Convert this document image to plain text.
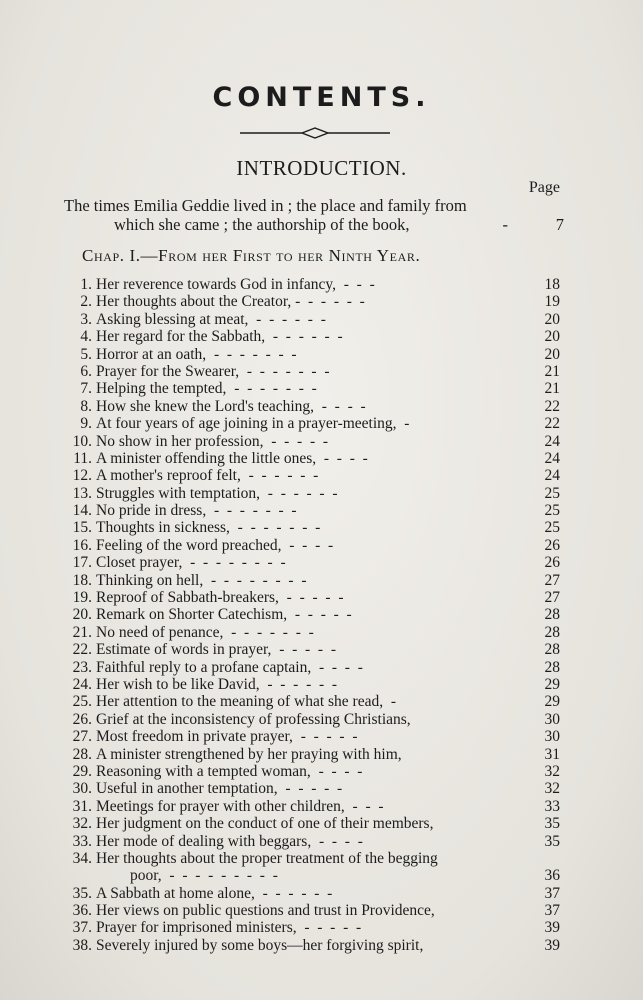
CONTENTS.
INTRODUCTION.
Page
The times Emilia Geddie lived in ; the place and family from
which she came ; the authorship of the book,	-	7
Chap. I.—From her First to her Ninth Year.
1. Her reverence towards God in infancy,  -  -  -	18
2. Her thoughts about the Creator, -  -  -  -  -  -	19
3. Asking blessing at meat,  -  -  -  -  -  -	20
4. Her regard for the Sabbath,  -  -  -  -  -  -	20
5. Horror at an oath,  -  -  -  -  -  -  -	20
6. Prayer for the Swearer,  -  -  -  -  -  -  -	21
7. Helping the tempted,  -  -  -  -  -  -  -	21
8. How she knew the Lord's teaching,  -  -  -  -	22
9. At four years of age joining in a prayer-meeting,  -	22
10. No show in her profession,  -  -  -  -  -	24
11. A minister offending the little ones,  -  -  -  -	24
12. A mother's reproof felt,  -  -  -  -  -  -	24
13. Struggles with temptation,  -  -  -  -  -  -	25
14. No pride in dress,  -  -  -  -  -  -  -	25
15. Thoughts in sickness,  -  -  -  -  -  -  -	25
16. Feeling of the word preached,  -  -  -  -	26
17. Closet prayer,  -  -  -  -  -  -  -  -	26
18. Thinking on hell,  -  -  -  -  -  -  -  -	27
19. Reproof of Sabbath-breakers,  -  -  -  -  -	27
20. Remark on Shorter Catechism,  -  -  -  -  -	28
21. No need of penance,  -  -  -  -  -  -  -	28
22. Estimate of words in prayer,  -  -  -  -  -	28
23. Faithful reply to a profane captain,  -  -  -  -	28
24. Her wish to be like David,  -  -  -  -  -  -	29
25. Her attention to the meaning of what she read,  -	29
26. Grief at the inconsistency of professing Christians,	30
27. Most freedom in private prayer,  -  -  -  -  -	30
28. A minister strengthened by her praying with him,	31
29. Reasoning with a tempted woman,  -  -  -  -	32
30. Useful in another temptation,  -  -  -  -  -	32
31. Meetings for prayer with other children,  -  -  -	33
32. Her judgment on the conduct of one of their members,	35
33. Her mode of dealing with beggars,  -  -  -  -	35
34. Her thoughts about the proper treatment of the begging
poor,  -  -  -  -  -  -  -  -  -	36
35. A Sabbath at home alone,  -  -  -  -  -  -	37
36. Her views on public questions and trust in Providence,	37
37. Prayer for imprisoned ministers,  -  -  -  -  -	39
38. Severely injured by some boys—her forgiving spirit,	39
